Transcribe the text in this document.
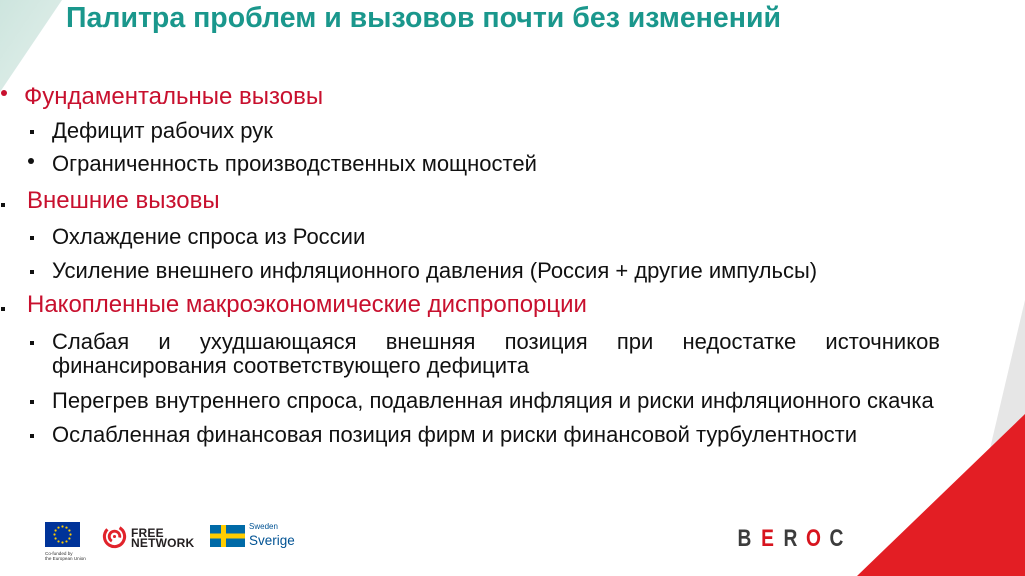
Палитра проблем и вызовов почти без изменений
Фундаментальные вызовы
Дефицит рабочих рук
Ограниченность производственных мощностей
Внешние вызовы
Охлаждение спроса из России
Усиление внешнего инфляционного давления (Россия + другие импульсы)
Накопленные макроэкономические диспропорции
Слабая и ухудшающаяся внешняя позиция при недостатке источников
финансирования соответствующего дефицита
Перегрев внутреннего спроса, подавленная инфляция и риски инфляционного скачка
Ослабленная финансовая позиция фирм и риски финансовой турбулентности
Co-funded by
the European Union
FREE
NETWORK
Sweden
Sverige	B E R O C
